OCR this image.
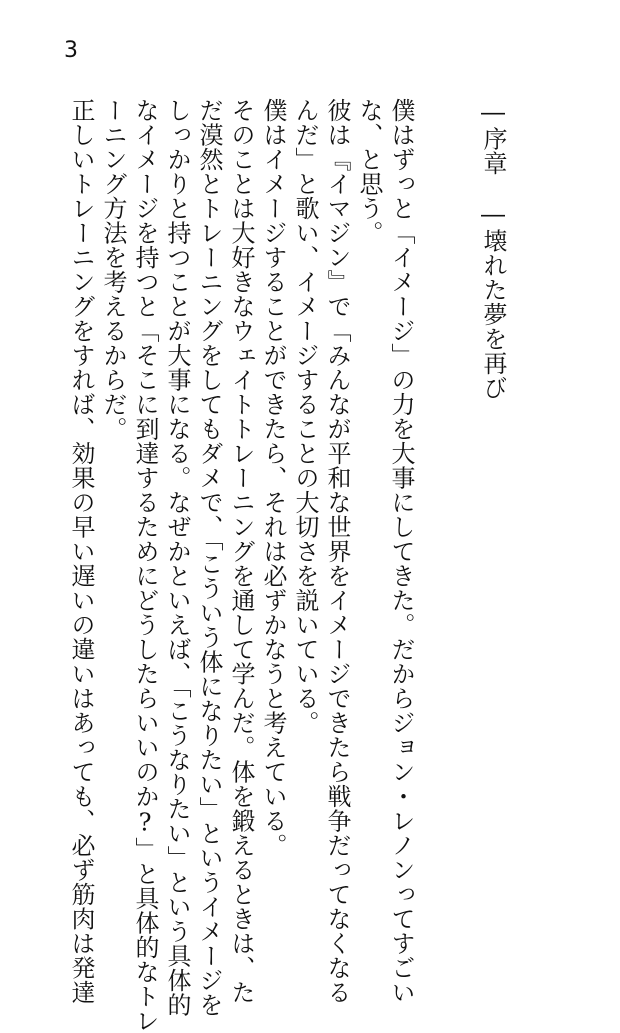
3
―序章　―壊れた夢を再び
僕はずっと「イメージ」の力を大事にしてきた。だからジョン・レノンってすごい
な、と思う。
彼は『イマジン』で「みんなが平和な世界をイメージできたら戦争だってなくなる
んだ」と歌い、イメージすることの大切さを説いている。
僕はイメージすることができたら、それは必ずかなうと考えている。
そのことは大好きなウェイトトレーニングを通して学んだ。体を鍛えるときは、た
だ漠然とトレーニングをしてもダメで、「こういう体になりたい」というイメージを
しっかりと持つことが大事になる。なぜかといえば、「こうなりたい」という具体的
なイメージを持つと「そこに到達するためにどうしたらいいのか?」と具体的なトレ
ーニング方法を考えるからだ。
正しいトレーニングをすれば、効果の早い遅いの違いはあっても、必ず筋肉は発達
